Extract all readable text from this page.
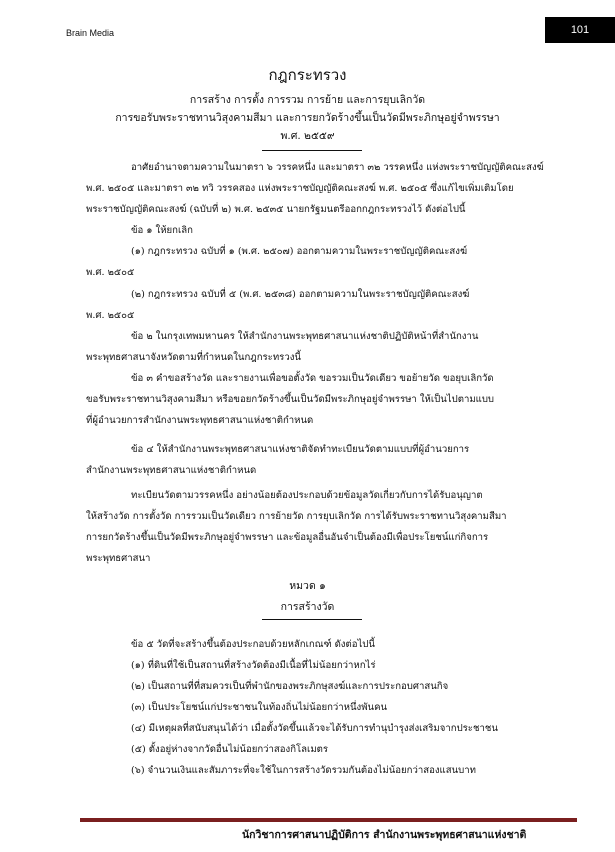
Brain Media	101
กฎกระทรวง
การสร้าง การตั้ง การรวม การย้าย และการยุบเลิกวัด
การขอรับพระราชทานวิสุงคามสีมา และการยกวัดร้างขึ้นเป็นวัดมีพระภิกษุอยู่จำพรรษา
พ.ศ. ๒๕๕๙
อาศัยอำนาจตามความในมาตรา ๖ วรรคหนึ่ง และมาตรา ๓๒ วรรคหนึ่ง แห่งพระราชบัญญัติคณะสงฆ์
พ.ศ. ๒๕๐๕ และมาตรา ๓๒ ทวิ วรรคสอง แห่งพระราชบัญญัติคณะสงฆ์ พ.ศ. ๒๕๐๕ ซึ่งแก้ไขเพิ่มเติมโดย
พระราชบัญญัติคณะสงฆ์ (ฉบับที่ ๒) พ.ศ. ๒๕๓๕ นายกรัฐมนตรีออกกฎกระทรวงไว้ ดังต่อไปนี้
ข้อ ๑ ให้ยกเลิก
(๑) กฎกระทรวง ฉบับที่ ๑ (พ.ศ. ๒๕๐๗) ออกตามความในพระราชบัญญัติคณะสงฆ์
พ.ศ. ๒๕๐๕
(๒) กฎกระทรวง ฉบับที่ ๕ (พ.ศ. ๒๕๓๘) ออกตามความในพระราชบัญญัติคณะสงฆ์
พ.ศ. ๒๕๐๕
ข้อ ๒ ในกรุงเทพมหานคร ให้สำนักงานพระพุทธศาสนาแห่งชาติปฏิบัติหน้าที่สำนักงาน
พระพุทธศาสนาจังหวัดตามที่กำหนดในกฎกระทรวงนี้
ข้อ ๓ คำขอสร้างวัด และรายงานเพื่อขอตั้งวัด ขอรวมเป็นวัดเดียว ขอย้ายวัด ขอยุบเลิกวัด
ขอรับพระราชทานวิสุงคามสีมา หรือขอยกวัดร้างขึ้นเป็นวัดมีพระภิกษุอยู่จำพรรษา ให้เป็นไปตามแบบ
ที่ผู้อำนวยการสำนักงานพระพุทธศาสนาแห่งชาติกำหนด
ข้อ ๔ ให้สำนักงานพระพุทธศาสนาแห่งชาติจัดทำทะเบียนวัดตามแบบที่ผู้อำนวยการ
สำนักงานพระพุทธศาสนาแห่งชาติกำหนด
ทะเบียนวัดตามวรรคหนึ่ง อย่างน้อยต้องประกอบด้วยข้อมูลวัดเกี่ยวกับการได้รับอนุญาต
ให้สร้างวัด การตั้งวัด การรวมเป็นวัดเดียว การย้ายวัด การยุบเลิกวัด การได้รับพระราชทานวิสุงคามสีมา
การยกวัดร้างขึ้นเป็นวัดมีพระภิกษุอยู่จำพรรษา และข้อมูลอื่นอันจำเป็นต้องมีเพื่อประโยชน์แก่กิจการ
พระพุทธศาสนา
หมวด ๑
การสร้างวัด
ข้อ ๕ วัดที่จะสร้างขึ้นต้องประกอบด้วยหลักเกณฑ์ ดังต่อไปนี้
(๑) ที่ดินที่ใช้เป็นสถานที่สร้างวัดต้องมีเนื้อที่ไม่น้อยกว่าหกไร่
(๒) เป็นสถานที่ที่สมควรเป็นที่พำนักของพระภิกษุสงฆ์และการประกอบศาสนกิจ
(๓) เป็นประโยชน์แก่ประชาชนในท้องถิ่นไม่น้อยกว่าหนึ่งพันคน
(๔) มีเหตุผลที่สนับสนุนได้ว่า เมื่อตั้งวัดขึ้นแล้วจะได้รับการทำนุบำรุงส่งเสริมจากประชาชน
(๕) ตั้งอยู่ห่างจากวัดอื่นไม่น้อยกว่าสองกิโลเมตร
(๖) จำนวนเงินและสัมภาระที่จะใช้ในการสร้างวัดรวมกันต้องไม่น้อยกว่าสองแสนบาท
นักวิชาการศาสนาปฏิบัติการ สำนักงานพระพุทธศาสนาแห่งชาติ
